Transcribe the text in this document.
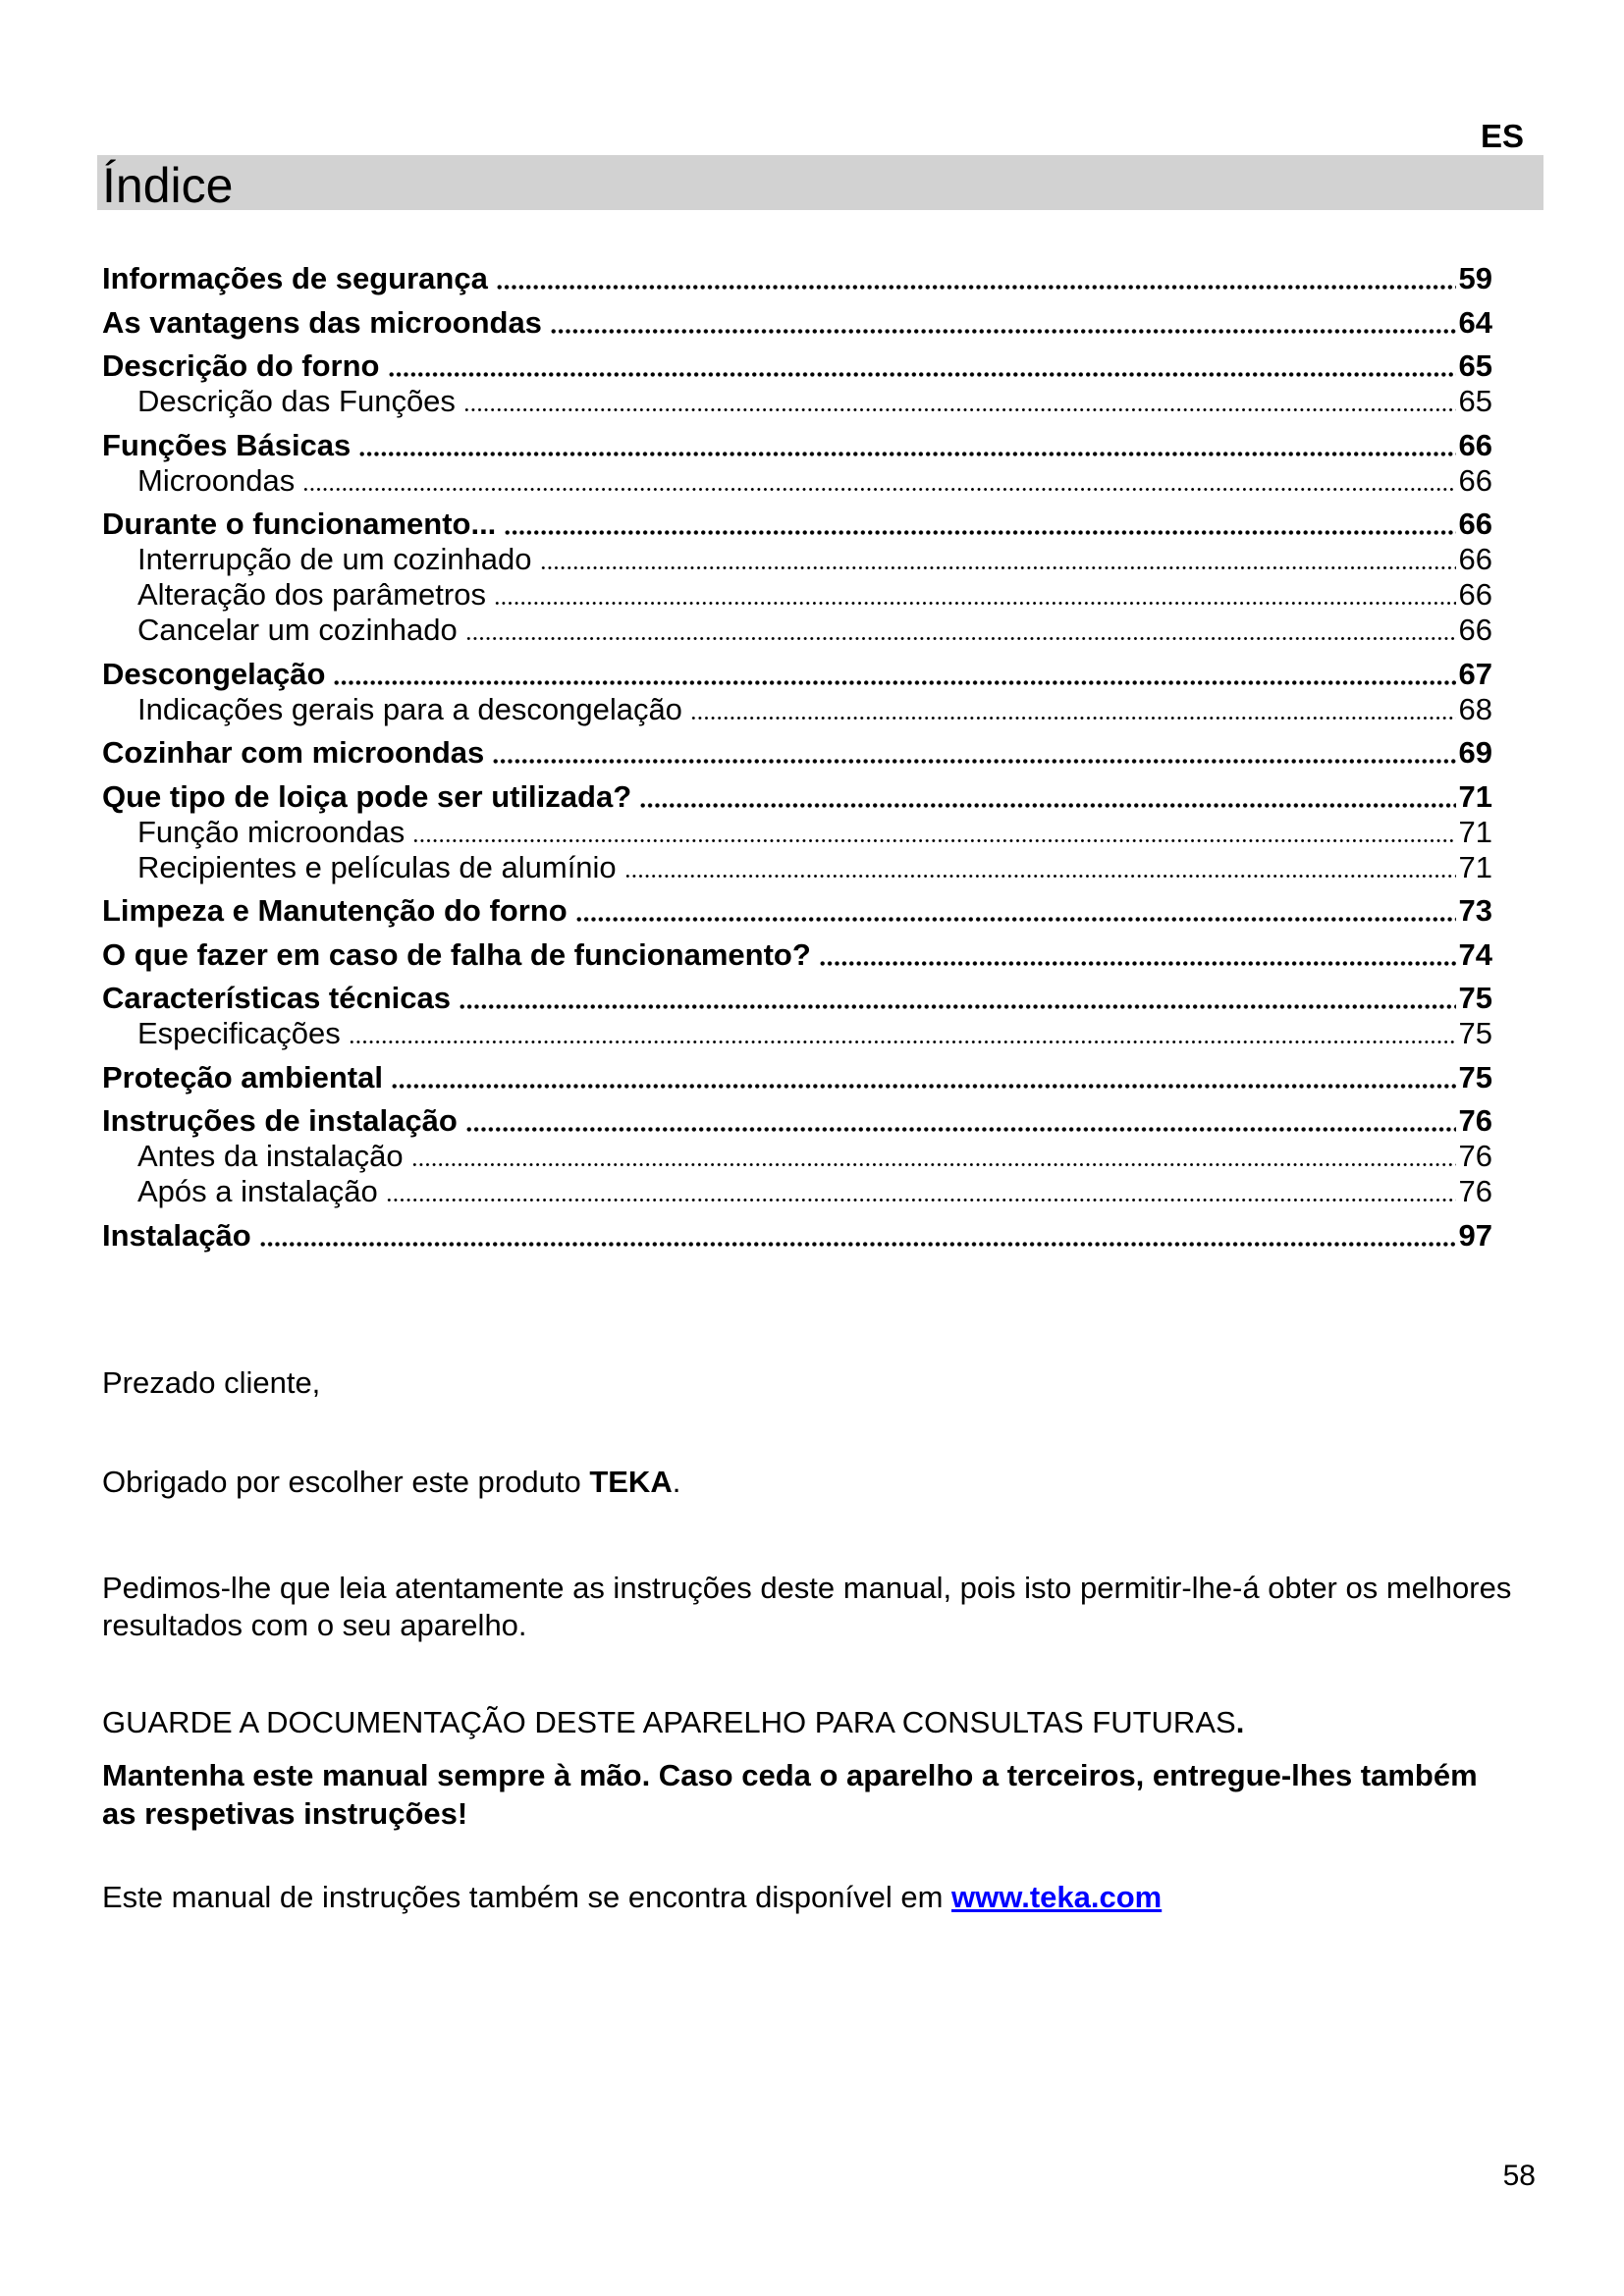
ES
Índice
Informações de segurança	59
As vantagens das microondas	64
Descrição do forno	65
Descrição das Funções	65
Funções Básicas	66
Microondas	66
Durante o funcionamento...	66
Interrupção de um cozinhado	66
Alteração dos parâmetros	66
Cancelar um cozinhado	66
Descongelação	67
Indicações gerais para a descongelação	68
Cozinhar com microondas	69
Que tipo de loiça pode ser utilizada?	71
Função microondas	71
Recipientes e películas de alumínio	71
Limpeza e Manutenção do forno	73
O que fazer em caso de falha de funcionamento?	74
Características técnicas	75
Especificações	75
Proteção ambiental	75
Instruções de instalação	76
Antes da instalação	76
Após a instalação	76
Instalação	97
Prezado cliente,
Obrigado por escolher este produto TEKA.
Pedimos-lhe que leia atentamente as instruções deste manual, pois isto permitir-lhe-á obter os melhores
resultados com o seu aparelho.
GUARDE A DOCUMENTAÇÃO DESTE APARELHO PARA CONSULTAS FUTURAS.
Mantenha este manual sempre à mão. Caso ceda o aparelho a terceiros, entregue-lhes também
as respetivas instruções!
Este manual de instruções também se encontra disponível em www.teka.com
58
